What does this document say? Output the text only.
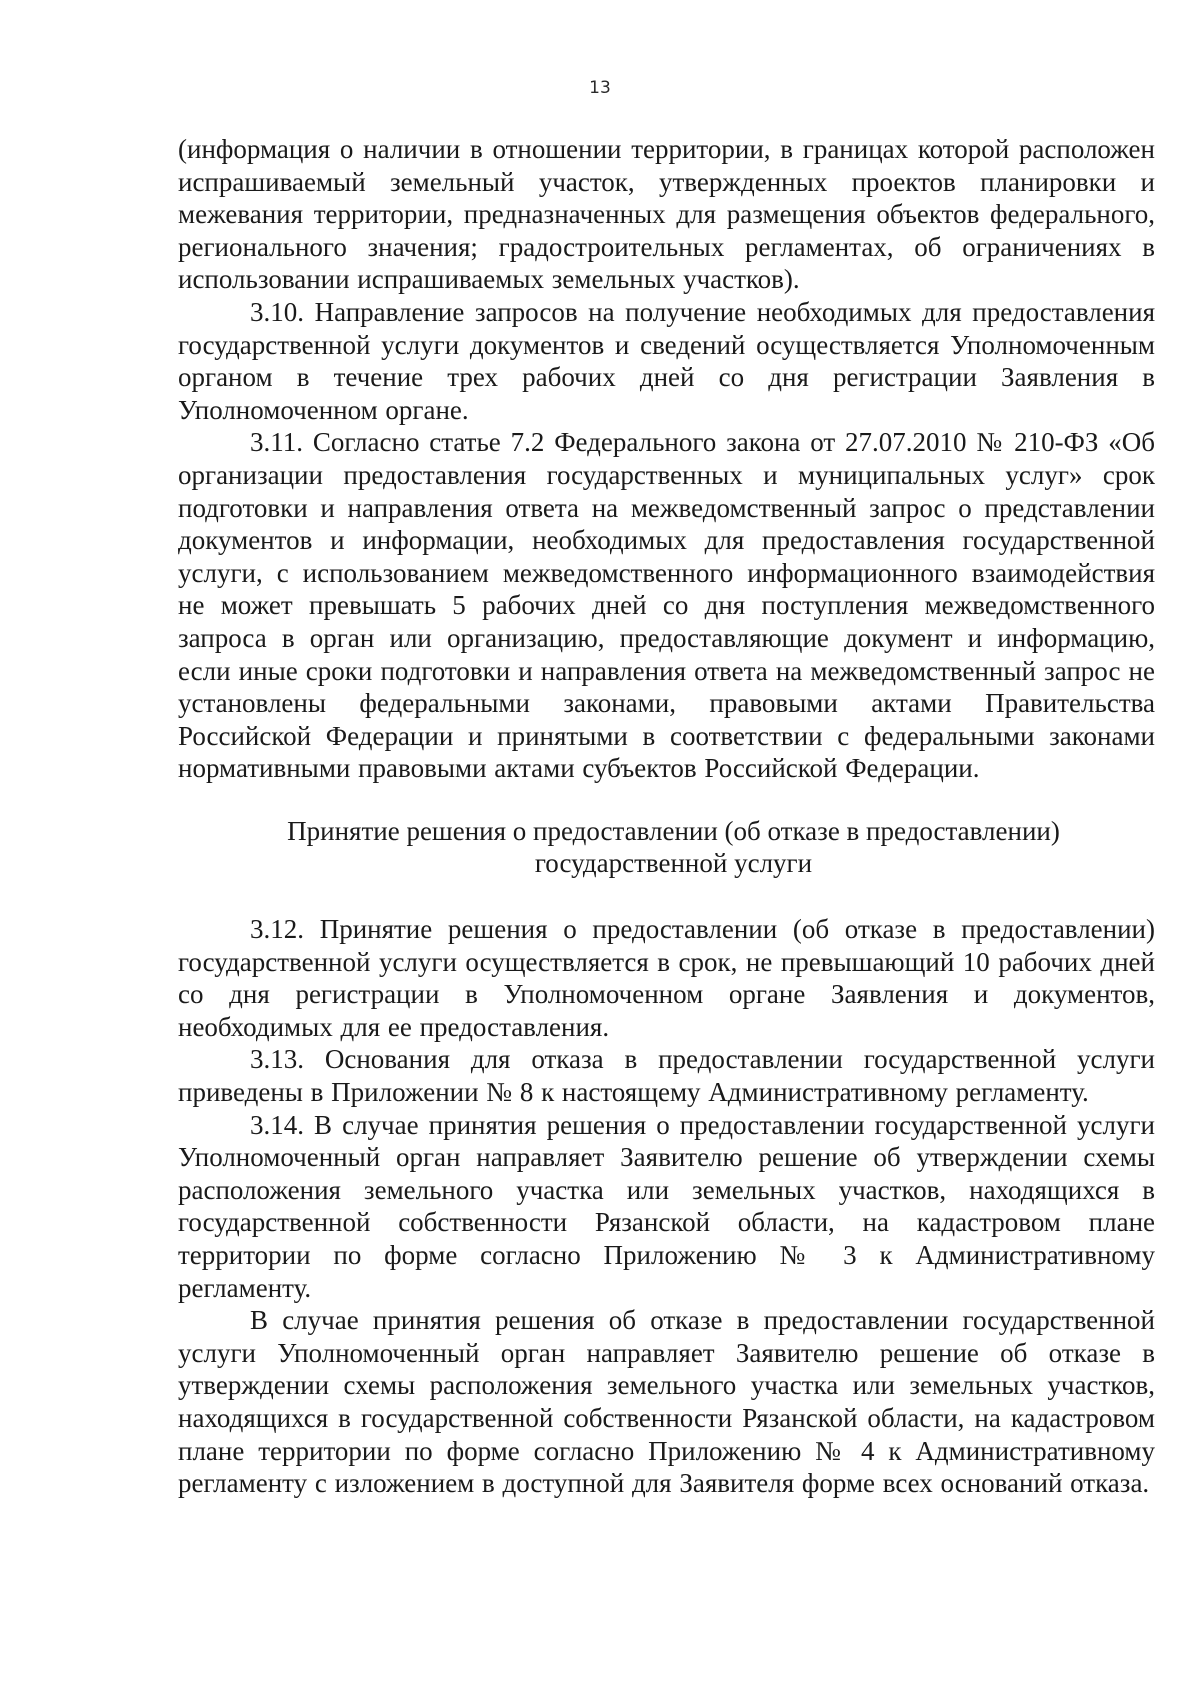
13

(информация о наличии в отношении территории, в границах которой расположен испрашиваемый земельный участок, утвержденных проектов планировки и межевания территории, предназначенных для размещения объектов федерального, регионального значения; градостроительных регламентах, об ограничениях в использовании испрашиваемых земельных участков).

3.10. Направление запросов на получение необходимых для предоставления государственной услуги документов и сведений осуществляется Уполномоченным органом в течение трех рабочих дней со дня регистрации Заявления в Уполномоченном органе.

3.11. Согласно статье 7.2 Федерального закона от 27.07.2010 № 210-ФЗ «Об организации предоставления государственных и муниципальных услуг» срок подготовки и направления ответа на межведомственный запрос о представлении документов и информации, необходимых для предоставления государственной услуги, с использованием межведомственного информационного взаимодействия не может превышать 5 рабочих дней со дня поступления межведомственного запроса в орган или организацию, предоставляющие документ и информацию, если иные сроки подготовки и направления ответа на межведомственный запрос не установлены федеральными законами, правовыми актами Правительства Российской Федерации и принятыми в соответствии с федеральными законами нормативными правовыми актами субъектов Российской Федерации.

Принятие решения о предоставлении (об отказе в предоставлении)

государственной услуги

3.12. Принятие решения о предоставлении (об отказе в предоставлении) государственной услуги осуществляется в срок, не превышающий 10 рабочих дней со дня регистрации в Уполномоченном органе Заявления и документов, необходимых для ее предоставления.

3.13. Основания для отказа в предоставлении государственной услуги приведены в Приложении № 8 к настоящему Административному регламенту.

3.14. В случае принятия решения о предоставлении государственной услуги Уполномоченный орган направляет Заявителю решение об утверждении схемы расположения земельного участка или земельных участков, находящихся в государственной собственности Рязанской области, на кадастровом плане территории по форме согласно Приложению № 3 к Административному регламенту.

В случае принятия решения об отказе в предоставлении государственной услуги Уполномоченный орган направляет Заявителю решение об отказе в утверждении схемы расположения земельного участка или земельных участков, находящихся в государственной собственности Рязанской области, на кадастровом плане территории по форме согласно Приложению № 4 к Административному регламенту с изложением в доступной для Заявителя форме всех оснований отказа.
